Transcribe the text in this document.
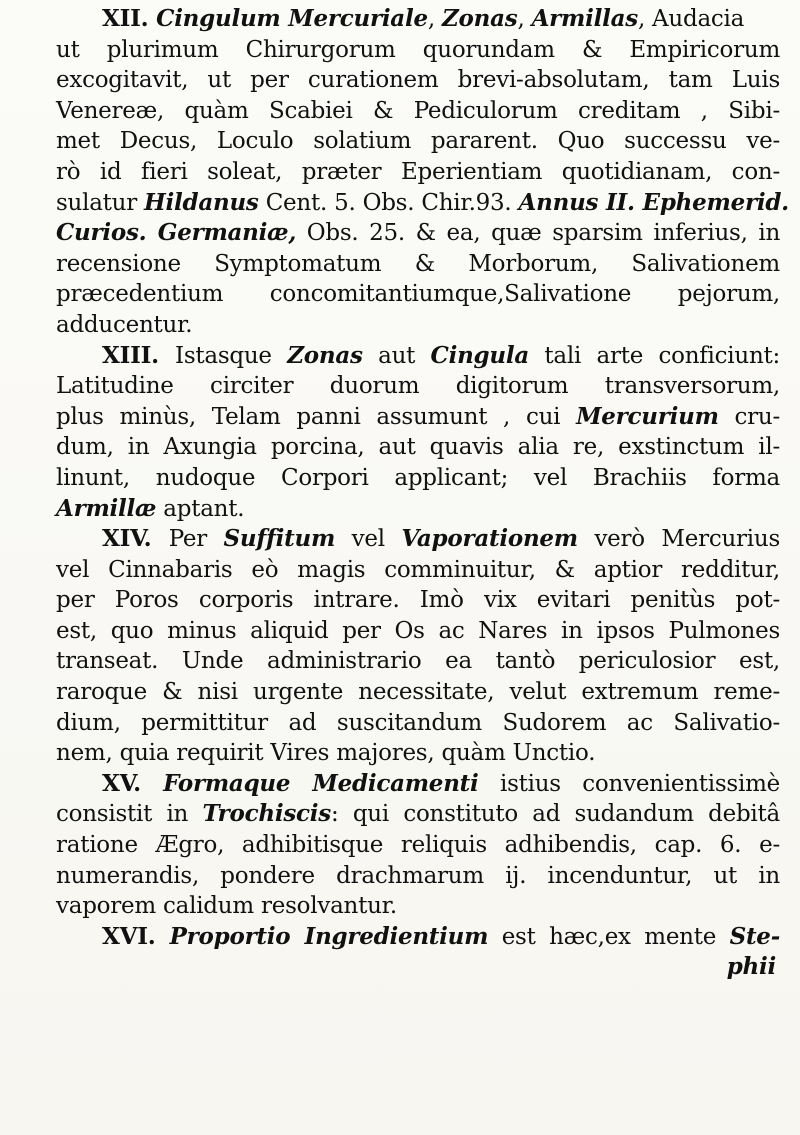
XII. Cingulum Mercuriale, Zonas, Armillas, Audacia
ut plurimum Chirurgorum quorundam & Empiricorum
excogitavit, ut per curationem brevi-absolutam, tam Luis
Venereæ, quàm Scabiei & Pediculorum creditam , Sibi-
met Decus, Loculo solatium pararent. Quo successu ve-
rò id fieri soleat, præter Eperientiam quotidianam, con-
sulatur Hildanus Cent. 5. Obs. Chir.93. Annus II. Ephemerid.
Curios. Germaniæ, Obs. 25. & ea, quæ sparsim inferius, in
recensione Symptomatum & Morborum, Salivationem
præcedentium concomitantiumque,Salivatione pejorum,
adducentur.
XIII. Istasque Zonas aut Cingula tali arte conficiunt:
Latitudine circiter duorum digitorum transversorum,
plus minùs, Telam panni assumunt , cui Mercurium cru-
dum, in Axungia porcina, aut quavis alia re, exstinctum il-
linunt, nudoque Corpori applicant; vel Brachiis forma
Armillæ aptant.
XIV. Per Suffitum vel Vaporationem verò Mercurius
vel Cinnabaris eò magis comminuitur, & aptior redditur,
per Poros corporis intrare. Imò vix evitari penitùs pot-
est, quo minus aliquid per Os ac Nares in ipsos Pulmones
transeat. Unde administrario ea tantò periculosior est,
raroque & nisi urgente necessitate, velut extremum reme-
dium, permittitur ad suscitandum Sudorem ac Salivatio-
nem, quia requirit Vires majores, quàm Unctio.
XV. Formaque Medicamenti istius convenientissimè
consistit in Trochiscis: qui constituto ad sudandum debitâ
ratione Ægro, adhibitisque reliquis adhibendis, cap. 6. e-
numerandis, pondere drachmarum ij. incenduntur, ut in
vaporem calidum resolvantur.
XVI. Proportio Ingredientium est hæc,ex mente Ste-
phii
